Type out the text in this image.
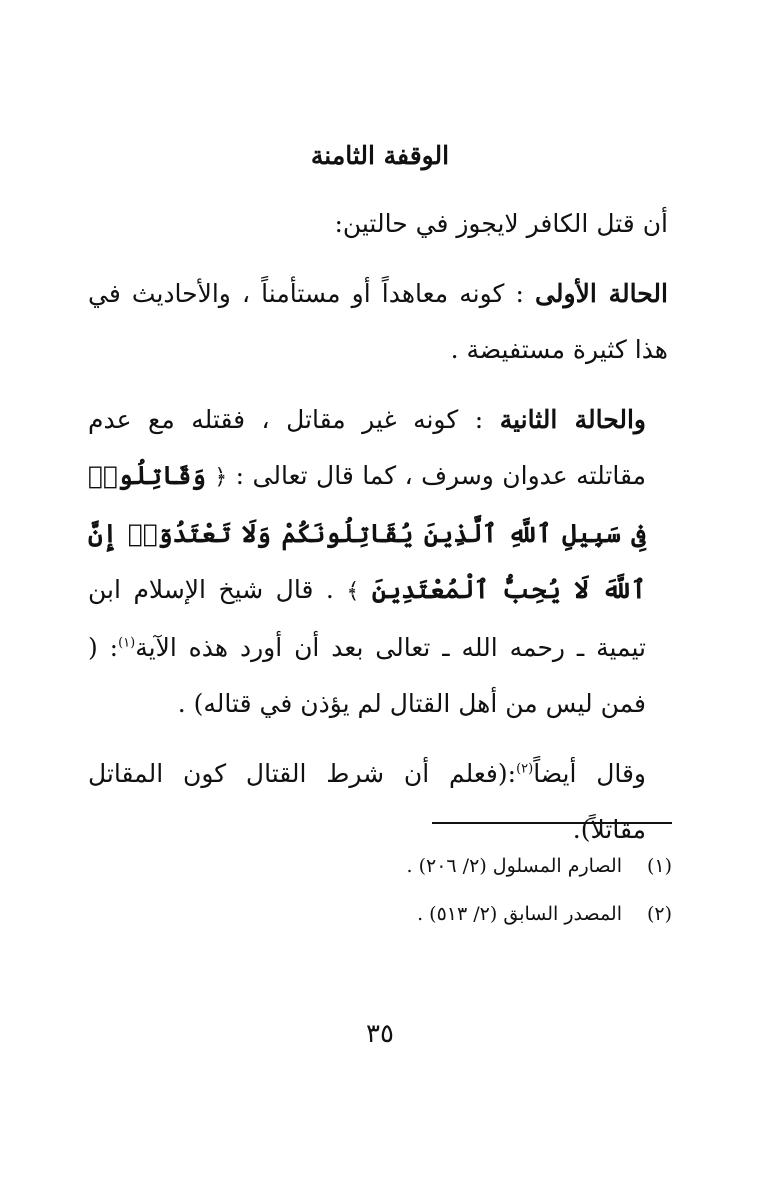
الوقفة الثامنة

أن قتل الكافر لايجوز في حالتين:

الحالة الأولى : كونه معاهداً أو مستأمناً ، والأحاديث في هذا كثيرة مستفيضة .

والحالة الثانية : كونه غير مقاتل ، فقتله مع عدم مقاتلته عدوان وسرف ، كما قال تعالى : ﴿ وَقَاتِلُوا۟ فِى سَبِيلِ ٱللَّهِ ٱلَّذِينَ يُقَاتِلُونَكُمْ وَلَا تَعْتَدُوٓا۟ إِنَّ ٱللَّهَ لَا يُحِبُّ ٱلْمُعْتَدِينَ ﴾ . قال شيخ الإسلام ابن تيمية ـ رحمه الله ـ تعالى بعد أن أورد هذه الآية$^{(١)}$: ( فمن ليس من أهل القتال لم يؤذن في قتاله) .

وقال أيضاً$^{(٢)}$:(فعلم أن شرط القتال كون المقاتل مقاتلاً).

(١)الصارم المسلول (٢/ ٢٠٦) .
(٢)المصدر السابق (٢/ ٥١٣) .
٣٥
